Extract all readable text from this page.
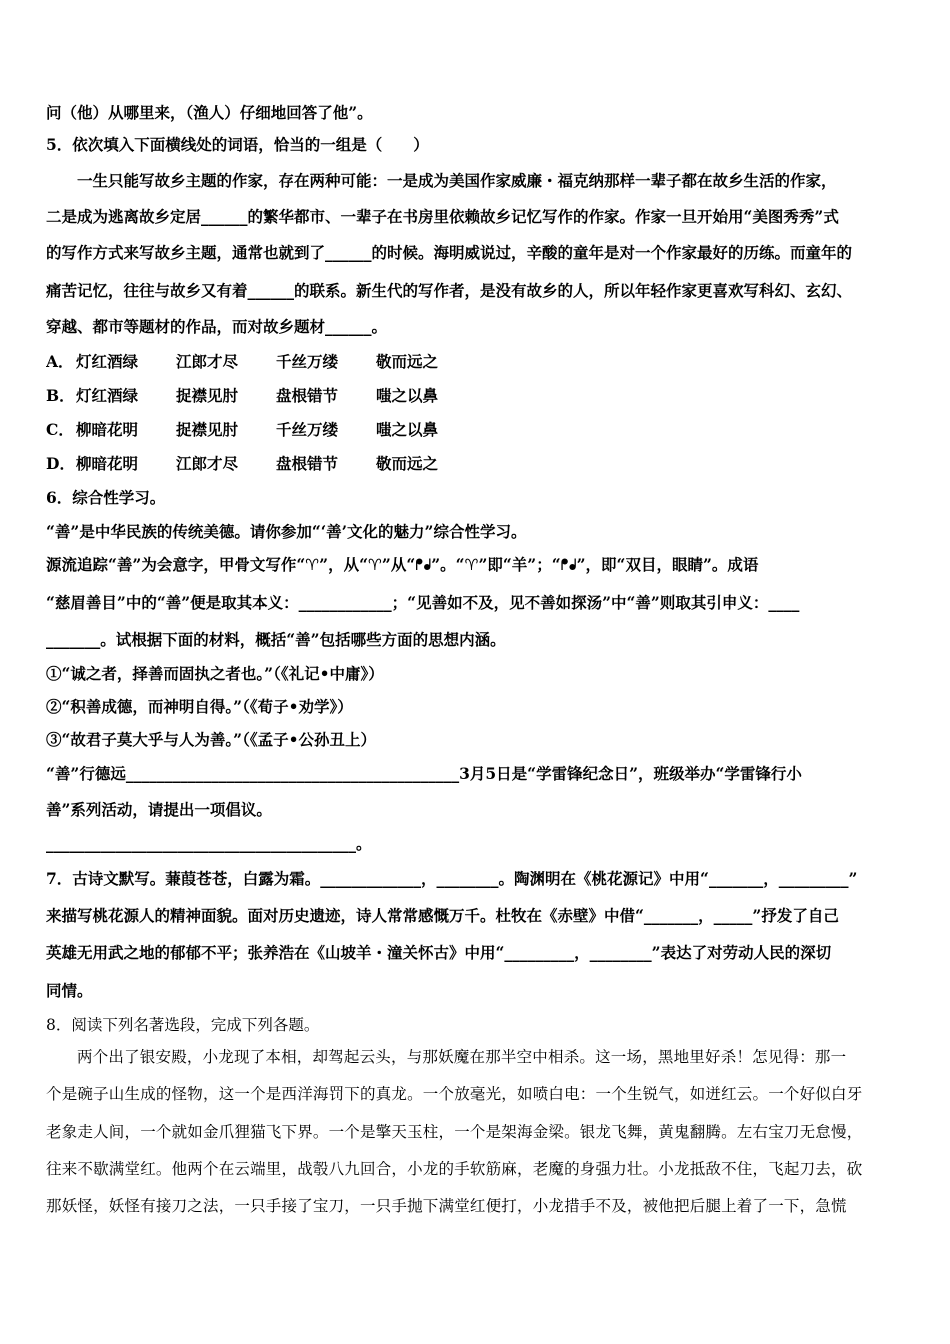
问（他）从哪里来，（渔人）仔细地回答了他”。
5．依次填入下面横线处的词语，恰当的一组是（　　）
一生只能写故乡主题的作家，存在两种可能：一是成为美国作家威廉・福克纳那样一辈子都在故乡生活的作家，
二是成为逃离故乡定居______的繁华都市、一辈子在书房里依赖故乡记忆写作的作家。作家一旦开始用“美图秀秀”式
的写作方式来写故乡主题，通常也就到了______的时候。海明威说过，辛酸的童年是对一个作家最好的历练。而童年的
痛苦记忆，往往与故乡又有着______的联系。新生代的写作者，是没有故乡的人，所以年轻作家更喜欢写科幻、玄幻、
穿越、都市等题材的作品，而对故乡题材______。
A． 灯红酒绿	江郎才尽	千丝万缕	敬而远之
B． 灯红酒绿	捉襟见肘	盘根错节	嗤之以鼻
C． 柳暗花明	捉襟见肘	千丝万缕	嗤之以鼻
D． 柳暗花明	江郎才尽	盘根错节	敬而远之
6．综合性学习。
“善”是中华民族的传统美德。请你参加“‘善’文化的魅力”综合性学习。
源流追踪“善”为会意字，甲骨文写作“♈”，从“♈”从“ᖰᖱ”。“♈”即“羊”；“ᖰᖱ”，即“双目，眼睛”。成语
“慈眉善目”中的“善”便是取其本义：____________；“见善如不及，见不善如探汤”中“善”则取其引申义：____
_______。试根据下面的材料，概括“善”包括哪些方面的思想内涵。
①“诚之者，择善而固执之者也。”（《礼记•中庸》）
②“积善成德，而神明自得。”（《荀子•劝学》）
③“故君子莫大乎与人为善。”（《孟子•公孙丑上）
“善”行德远___________________________________________3月5日是“学雷锋纪念日”，班级举办“学雷锋行小
善”系列活动，请提出一项倡议。
________________________________________。
7．古诗文默写。蒹葭苍苍，白露为霜。_____________，________。陶渊明在《桃花源记》中用“_______，_________”
来描写桃花源人的精神面貌。面对历史遗迹，诗人常常感慨万千。杜牧在《赤壁》中借“_______，_____”抒发了自己
英雄无用武之地的郁郁不平；张养浩在《山坡羊・潼关怀古》中用“_________，________”表达了对劳动人民的深切
同情。
8．阅读下列名著选段，完成下列各题。
两个出了银安殿，小龙现了本相，却驾起云头，与那妖魔在那半空中相杀。这一场，黑地里好杀！怎见得：那一
个是碗子山生成的怪物，这一个是西洋海罚下的真龙。一个放毫光，如喷白电：一个生锐气，如迸红云。一个好似白牙
老象走人间，一个就如金爪狸猫飞下界。一个是擎天玉柱，一个是架海金梁。银龙飞舞，黄鬼翻腾。左右宝刀无怠慢，
往来不歇满堂红。他两个在云端里，战彀八九回合，小龙的手软筋麻，老魔的身强力壮。小龙抵敌不住，飞起刀去，砍
那妖怪，妖怪有接刀之法，一只手接了宝刀，一只手抛下满堂红便打，小龙措手不及，被他把后腿上着了一下，急慌
